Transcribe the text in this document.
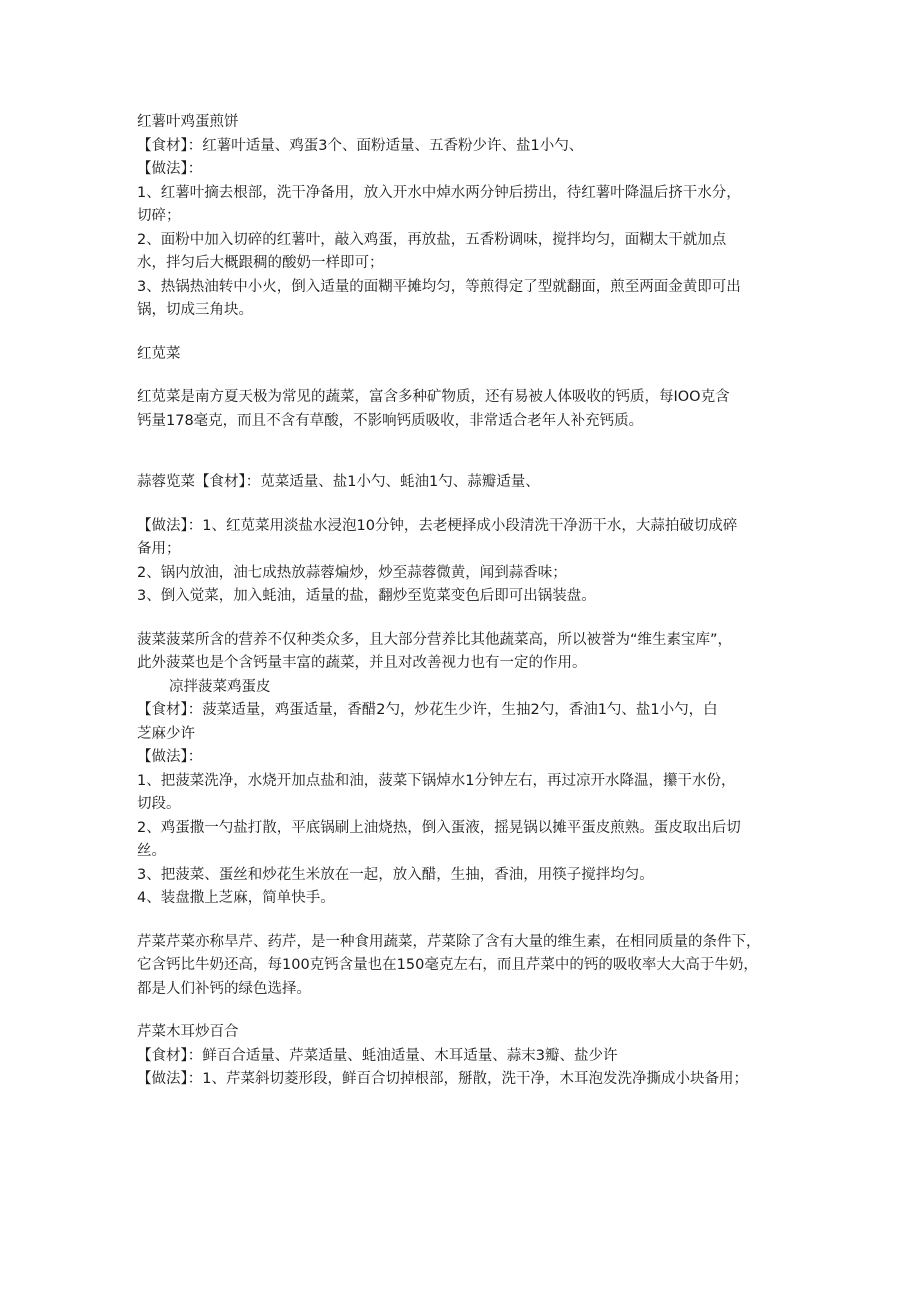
红薯叶鸡蛋煎饼

【食材】：红薯叶适量、鸡蛋3个、面粉适量、五香粉少许、盐1小勺、

【做法】：

1、红薯叶摘去根部，洗干净备用，放入开水中焯水两分钟后捞出，待红薯叶降温后挤干水分，

切碎；

2、面粉中加入切碎的红薯叶，敲入鸡蛋，再放盐，五香粉调味，搅拌均匀，面糊太干就加点

水，拌匀后大概跟稠的酸奶一样即可；

3、热锅热油转中小火，倒入适量的面糊平摊均匀，等煎得定了型就翻面，煎至两面金黄即可出

锅，切成三角块。

红苋菜

红苋菜是南方夏天极为常见的蔬菜，富含多种矿物质，还有易被人体吸收的钙质，每IOO克含

钙量178毫克，而且不含有草酸，不影响钙质吸收，非常适合老年人补充钙质。

蒜蓉览菜【食材】：苋菜适量、盐1小勺、蚝油1勺、蒜瓣适量、

【做法】：1、红苋菜用淡盐水浸泡10分钟，去老梗择成小段清洗干净沥干水，大蒜拍破切成碎

备用；

2、锅内放油，油七成热放蒜蓉煸炒，炒至蒜蓉微黄，闻到蒜香味；

3、倒入觉菜，加入蚝油，适量的盐，翻炒至览菜变色后即可出锅装盘。

菠菜菠菜所含的营养不仅种类众多，且大部分营养比其他蔬菜高，所以被誉为“维生素宝库”，

此外菠菜也是个含钙量丰富的蔬菜，并且对改善视力也有一定的作用。

凉拌菠菜鸡蛋皮

【食材】：菠菜适量，鸡蛋适量，香醋2勺，炒花生少许，生抽2勺，香油1勺、盐1小勺，白

芝麻少许

【做法】：

1、把菠菜洗净，水烧开加点盐和油，菠菜下锅焯水1分钟左右，再过凉开水降温，攥干水份，

切段。

2、鸡蛋撒一勺盐打散，平底锅刷上油烧热，倒入蛋液，摇晃锅以摊平蛋皮煎熟。蛋皮取出后切

丝。

3、把菠菜、蛋丝和炒花生米放在一起，放入醋，生抽，香油，用筷子搅拌均匀。

4、装盘撒上芝麻，简单快手。

芹菜芹菜亦称旱芹、药芹，是一种食用蔬菜，芹菜除了含有大量的维生素，在相同质量的条件下，

它含钙比牛奶还高，每100克钙含量也在150毫克左右，而且芹菜中的钙的吸收率大大高于牛奶，

都是人们补钙的绿色选择。

芹菜木耳炒百合

【食材】：鲜百合适量、芹菜适量、蚝油适量、木耳适量、蒜末3瓣、盐少许

【做法】：1、芹菜斜切菱形段，鲜百合切掉根部，掰散，洗干净，木耳泡发洗净撕成小块备用；
